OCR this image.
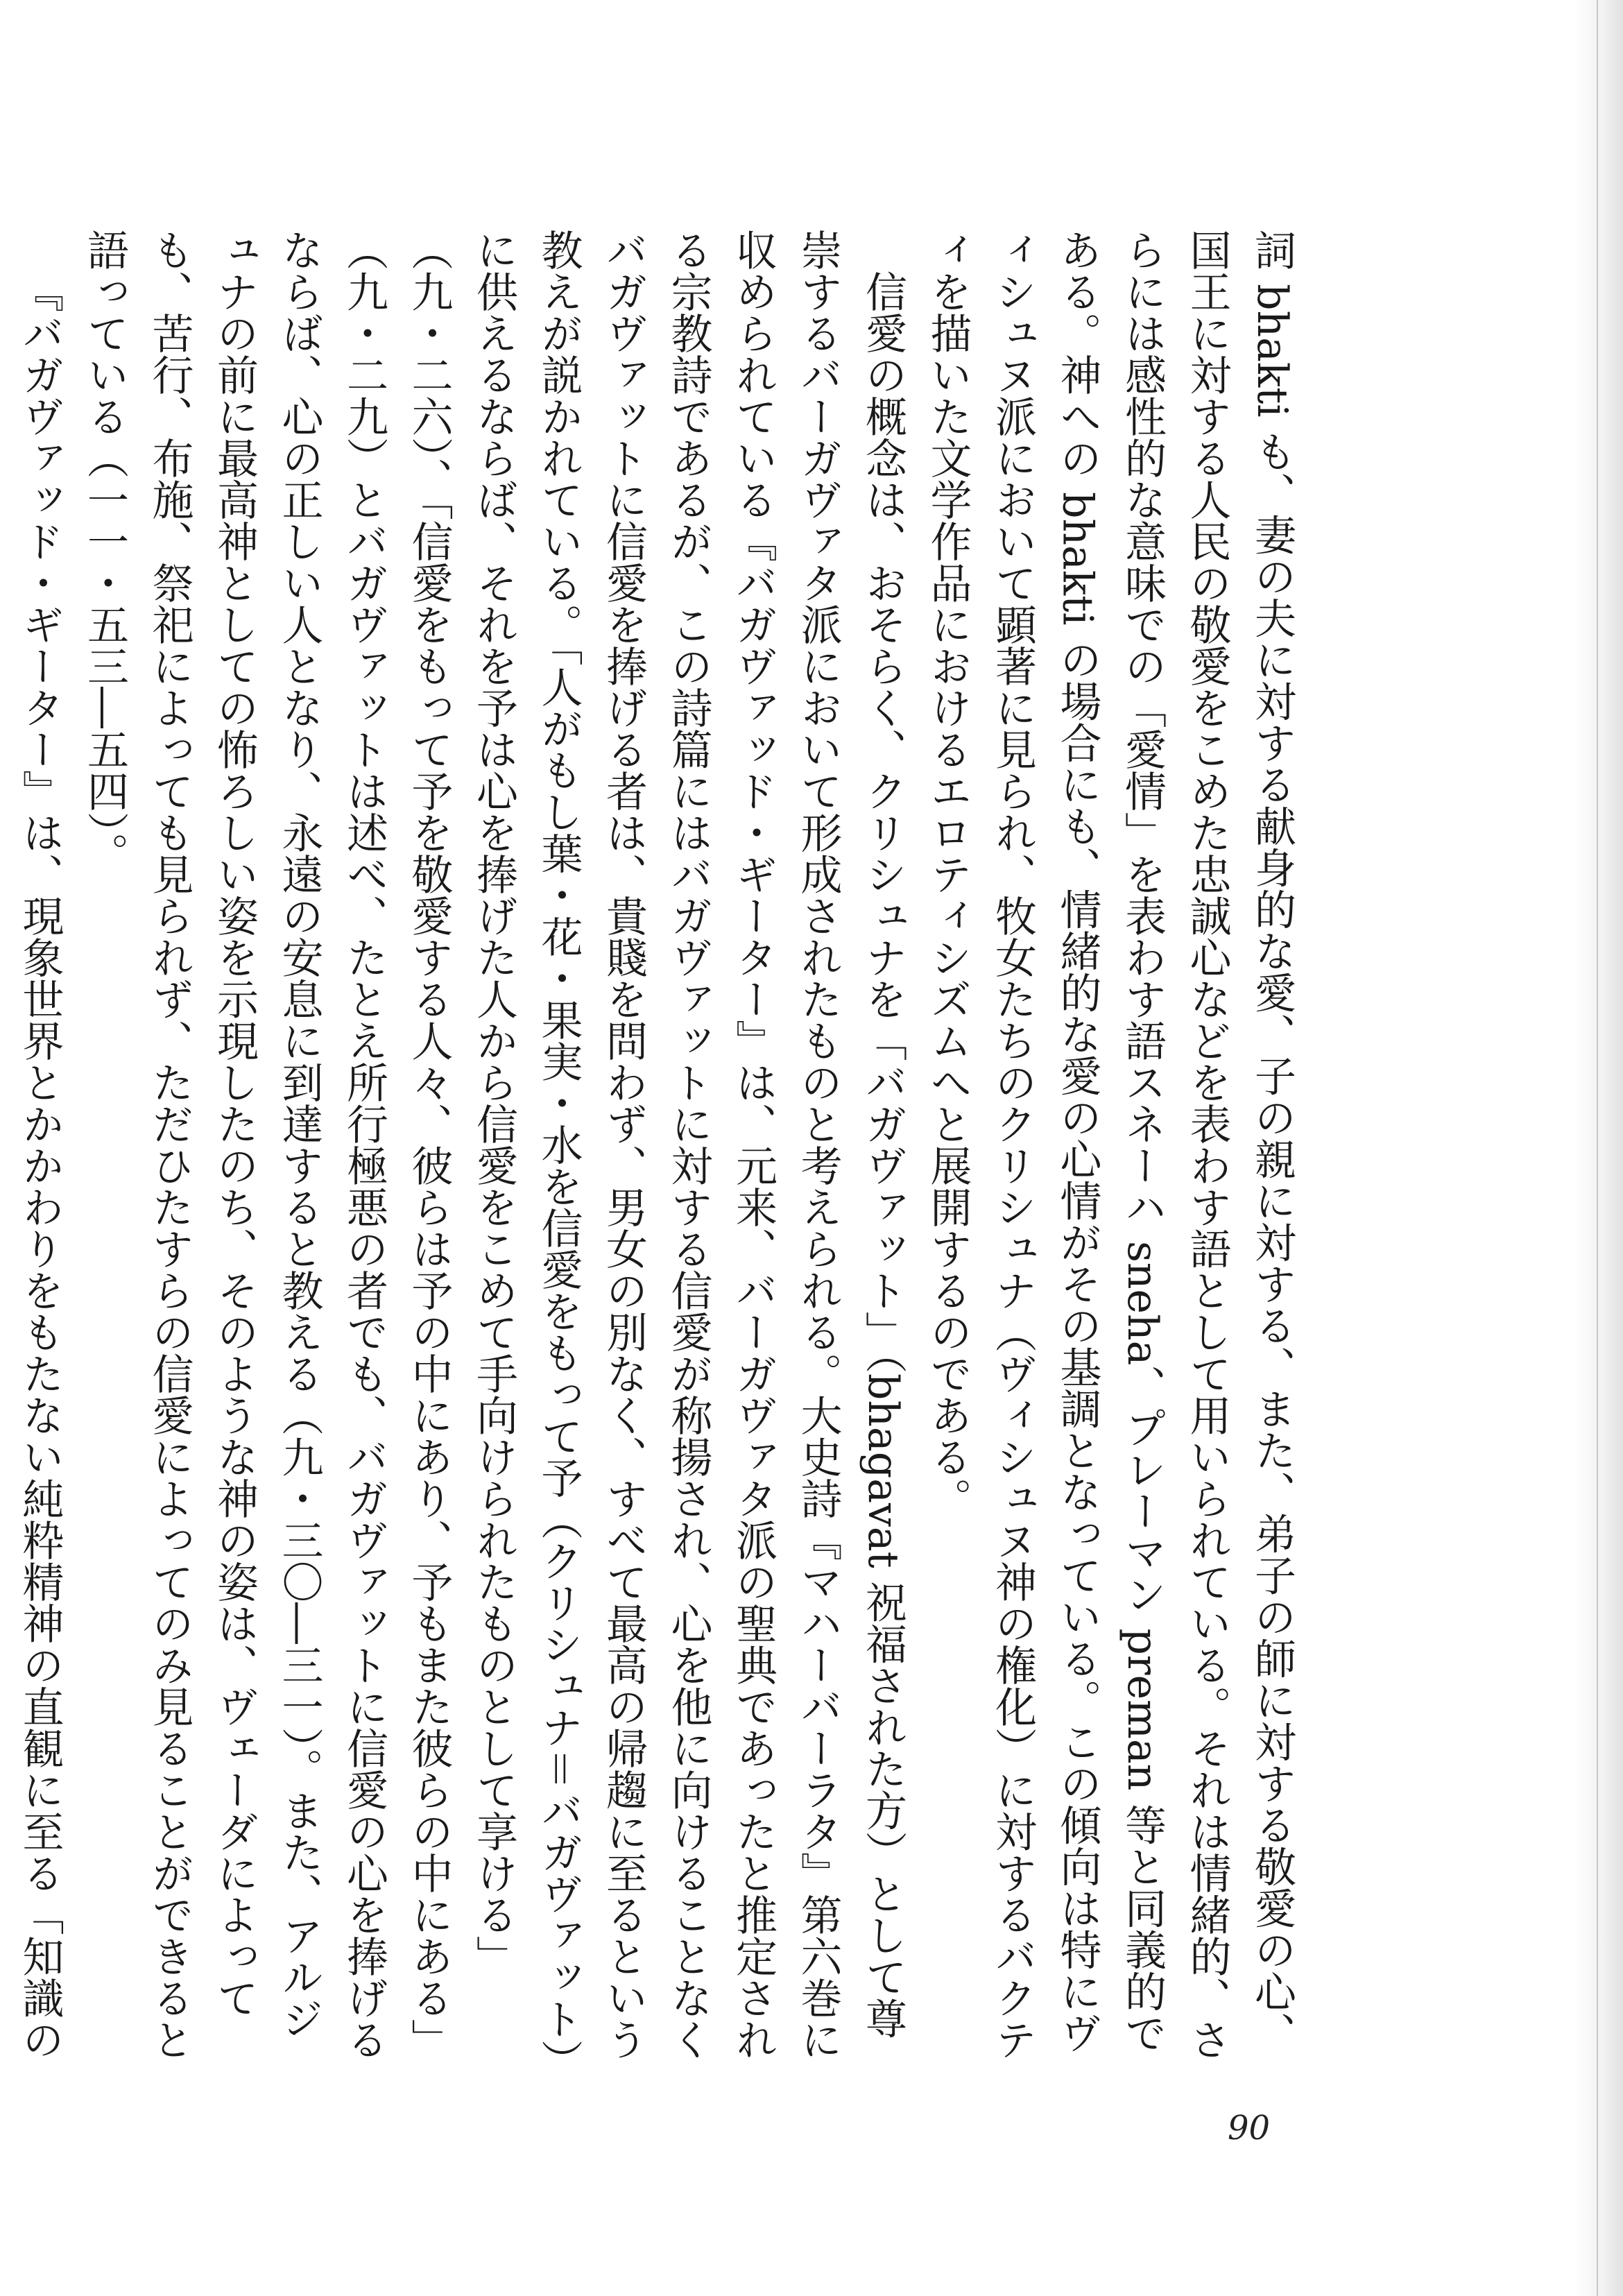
詞 bhakti も、妻の夫に対する献身的な愛、子の親に対する、また、弟子の師に対する敬愛の心、国王に対する人民の敬愛をこめた忠誠心などを表わす語として用いられている。それは情緒的、さらには感性的な意味での「愛情」を表わす語スネーハ sneha、プレーマン preman 等と同義的である。神への bhakti の場合にも、情緒的な愛の心情がその基調となっている。この傾向は特にヴィシュヌ派において顕著に見られ、牧女たちのクリシュナ（ヴィシュヌ神の権化）に対するバクティを描いた文学作品におけるエロティシズムへと展開するのである。

信愛の概念は、おそらく、クリシュナを「バガヴァット」（bhagavat 祝福された方）として尊崇するバーガヴァタ派において形成されたものと考えられる。大史詩『マハーバーラタ』第六巻に収められている『バガヴァッド・ギーター』は、元来、バーガヴァタ派の聖典であったと推定される宗教詩であるが、この詩篇にはバガヴァットに対する信愛が称揚され、心を他に向けることなくバガヴァットに信愛を捧げる者は、貴賤を問わず、男女の別なく、すべて最高の帰趨に至るという教えが説かれている。「人がもし葉・花・果実・水を信愛をもって予（クリシュナ＝バガヴァット）に供えるならば、それを予は心を捧げた人から信愛をこめて手向けられたものとして享ける」（九・二六）、「信愛をもって予を敬愛する人々、彼らは予の中にあり、予もまた彼らの中にある」（九・二九）とバガヴァットは述べ、たとえ所行極悪の者でも、バガヴァットに信愛の心を捧げるならば、心の正しい人となり、永遠の安息に到達すると教える（九・三〇―三一）。また、アルジュナの前に最高神としての怖ろしい姿を示現したのち、そのような神の姿は、ヴェーダによっても、苦行、布施、祭祀によっても見られず、ただひたすらの信愛によってのみ見ることができると語っている（一一・五三―五四）。

『バガヴァッド・ギーター』は、現象世界とかかわりをもたない純粋精神の直観に至る「知識の

90
